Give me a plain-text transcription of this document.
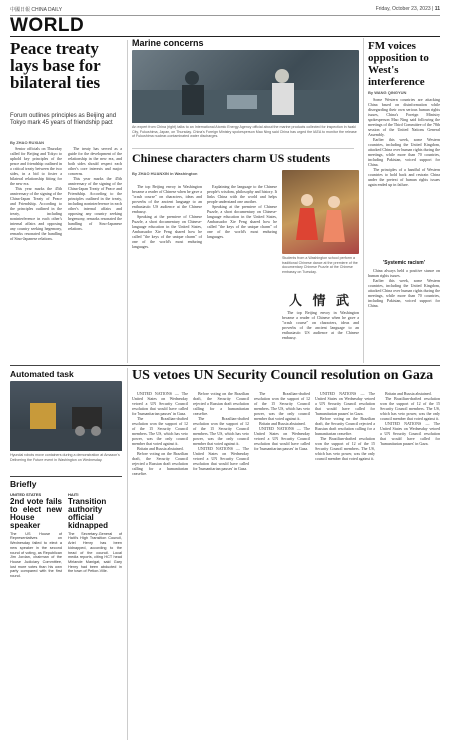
中國日報 CHINA DAILY	Friday, October 23, 2023 | 11
WORLD
Peace treaty lays base for bilateral ties
Forum outlines principles as Beijing and Tokyo mark 45 years of friendship pact
By ZHAO RUXIAN

Senior officials on Thursday called for Beijing and Tokyo to uphold key principles of the peace and friendship outlined in a critical treaty between the two sides, in a bid to foster a bilateral relationship fitting for the new era.

This year marks the 45th anniversary of the signing of the China-Japan Treaty of Peace and Friendship. According to the principles outlined in the treaty, including noninterference in each other's internal affairs and opposing any country seeking hegemony, remarks resonated the handling of Sino-Japanese relations.

The treaty has served as a guide for the development of the relationship in the new era, and both sides should respect each other's core interests and major concerns.

This year marks the 45th anniversary of the signing of the China-Japan Treaty of Peace and Friendship. According to the principles outlined in the treaty, including noninterference in each other's internal affairs and opposing any country seeking hegemony, remarks resonated the handling of Sino-Japanese relations.

Marine concerns
An expert from China (right) talks to an International Atomic Energy Agency official about the marine products collected for inspection in Iwaki City, Fukushima, Japan, on Thursday. China's Foreign Ministry spokesperson Mao Ning said China has urged the IAEA to monitor the release of Fukushima nuclear-contaminated water discharges.
Chinese characters charm US students
By ZHAO HUANXIN in Washington

The top Beijing envoy in Washington became a reader of Chinese when he gave a "crash course" on characters, ideas and proverbs of the ancient language to an enthusiastic US audience at the Chinese embassy.

Speaking at the premiere of Chinese Puzzle, a short documentary on Chinese-language education in the United States, Ambassador Xie Feng shared how he called "the keys of the unique charm" of one of the world's most enduring languages.

Explaining the language to the Chinese people's wisdom, philosophy and history. It links China with the world and helps people understand one another.

Speaking at the premiere of Chinese Puzzle, a short documentary on Chinese-language education in the United States, Ambassador Xie Feng shared how he called "the keys of the unique charm" of one of the world's most enduring languages.

Students from a Washington school perform a traditional Chinese dance at the premiere of the documentary Chinese Puzzle at the Chinese embassy on Tuesday.
人 情 武

The top Beijing envoy in Washington became a reader of Chinese when he gave a "crash course" on characters, ideas and proverbs of the ancient language to an enthusiastic US audience at the Chinese embassy.

FM voices opposition to West's interference
By WANG QINGYUN

Some Western countries are attacking China based on disinformation while disregarding their own serious human rights issues, China's Foreign Ministry spokesperson Mao Ning said following the meetings of the Third Committee of the 78th session of the United Nations General Assembly.

Earlier this week, some Western countries, including the United Kingdom, attacked China over human rights during the meetings, while more than 70 countries, including Pakistan, voiced support for China.

The principles of a handful of Western countries to hold back and restrain China under the pretext of human rights issues again ended up in failure.

'Systemic racism'

China always held a positive stance on human rights issues.

Earlier this week, some Western countries, including the United Kingdom, attacked China over human rights during the meetings, while more than 70 countries, including Pakistan, voiced support for China.

Automated task
Hyundai robots move containers during a demonstration at Amazon's Delivering the Future event in Washington on Wednesday.
Briefly
UNITED STATES
2nd vote fails to elect new House speaker
The US House of Representatives on Wednesday failed to elect a new speaker in the second round of voting, as Republican Jim Jordan, chairman of the House Judiciary Committee, lost more votes than his own party compared with the first round.
HAITI
Transition authority official kidnapped
The Secretary-General of Haiti's High Transition Council, Ariel Henry has been kidnapped, according to the head of the council. Local media reports, citing HCT head Mirlande Manigat, said Gary Henry had been abducted in the town of Petion-Ville.
US vetoes UN Security Council resolution on Gaza

UNITED NATIONS — The United States on Wednesday vetoed a UN Security Council resolution that would have called for 'humanitarian pauses' in Gaza.

The Brazilian-drafted resolution won the support of 12 of the 15 Security Council members. The US, which has veto power, was the only council member that voted against it.

Britain and Russia abstained.

Before voting on the Brazilian draft, the Security Council rejected a Russian draft resolution calling for a humanitarian ceasefire.

Before voting on the Brazilian draft, the Security Council rejected a Russian draft resolution calling for a humanitarian ceasefire.

The Brazilian-drafted resolution won the support of 12 of the 15 Security Council members. The US, which has veto power, was the only council member that voted against it.

UNITED NATIONS — The United States on Wednesday vetoed a UN Security Council resolution that would have called for 'humanitarian pauses' in Gaza.

The Brazilian-drafted resolution won the support of 12 of the 15 Security Council members. The US, which has veto power, was the only council member that voted against it.

Britain and Russia abstained.

UNITED NATIONS — The United States on Wednesday vetoed a UN Security Council resolution that would have called for 'humanitarian pauses' in Gaza.

UNITED NATIONS — The United States on Wednesday vetoed a UN Security Council resolution that would have called for 'humanitarian pauses' in Gaza.

Before voting on the Brazilian draft, the Security Council rejected a Russian draft resolution calling for a humanitarian ceasefire.

The Brazilian-drafted resolution won the support of 12 of the 15 Security Council members. The US, which has veto power, was the only council member that voted against it.

Britain and Russia abstained.

The Brazilian-drafted resolution won the support of 12 of the 15 Security Council members. The US, which has veto power, was the only council member that voted against it.

UNITED NATIONS — The United States on Wednesday vetoed a UN Security Council resolution that would have called for 'humanitarian pauses' in Gaza.
